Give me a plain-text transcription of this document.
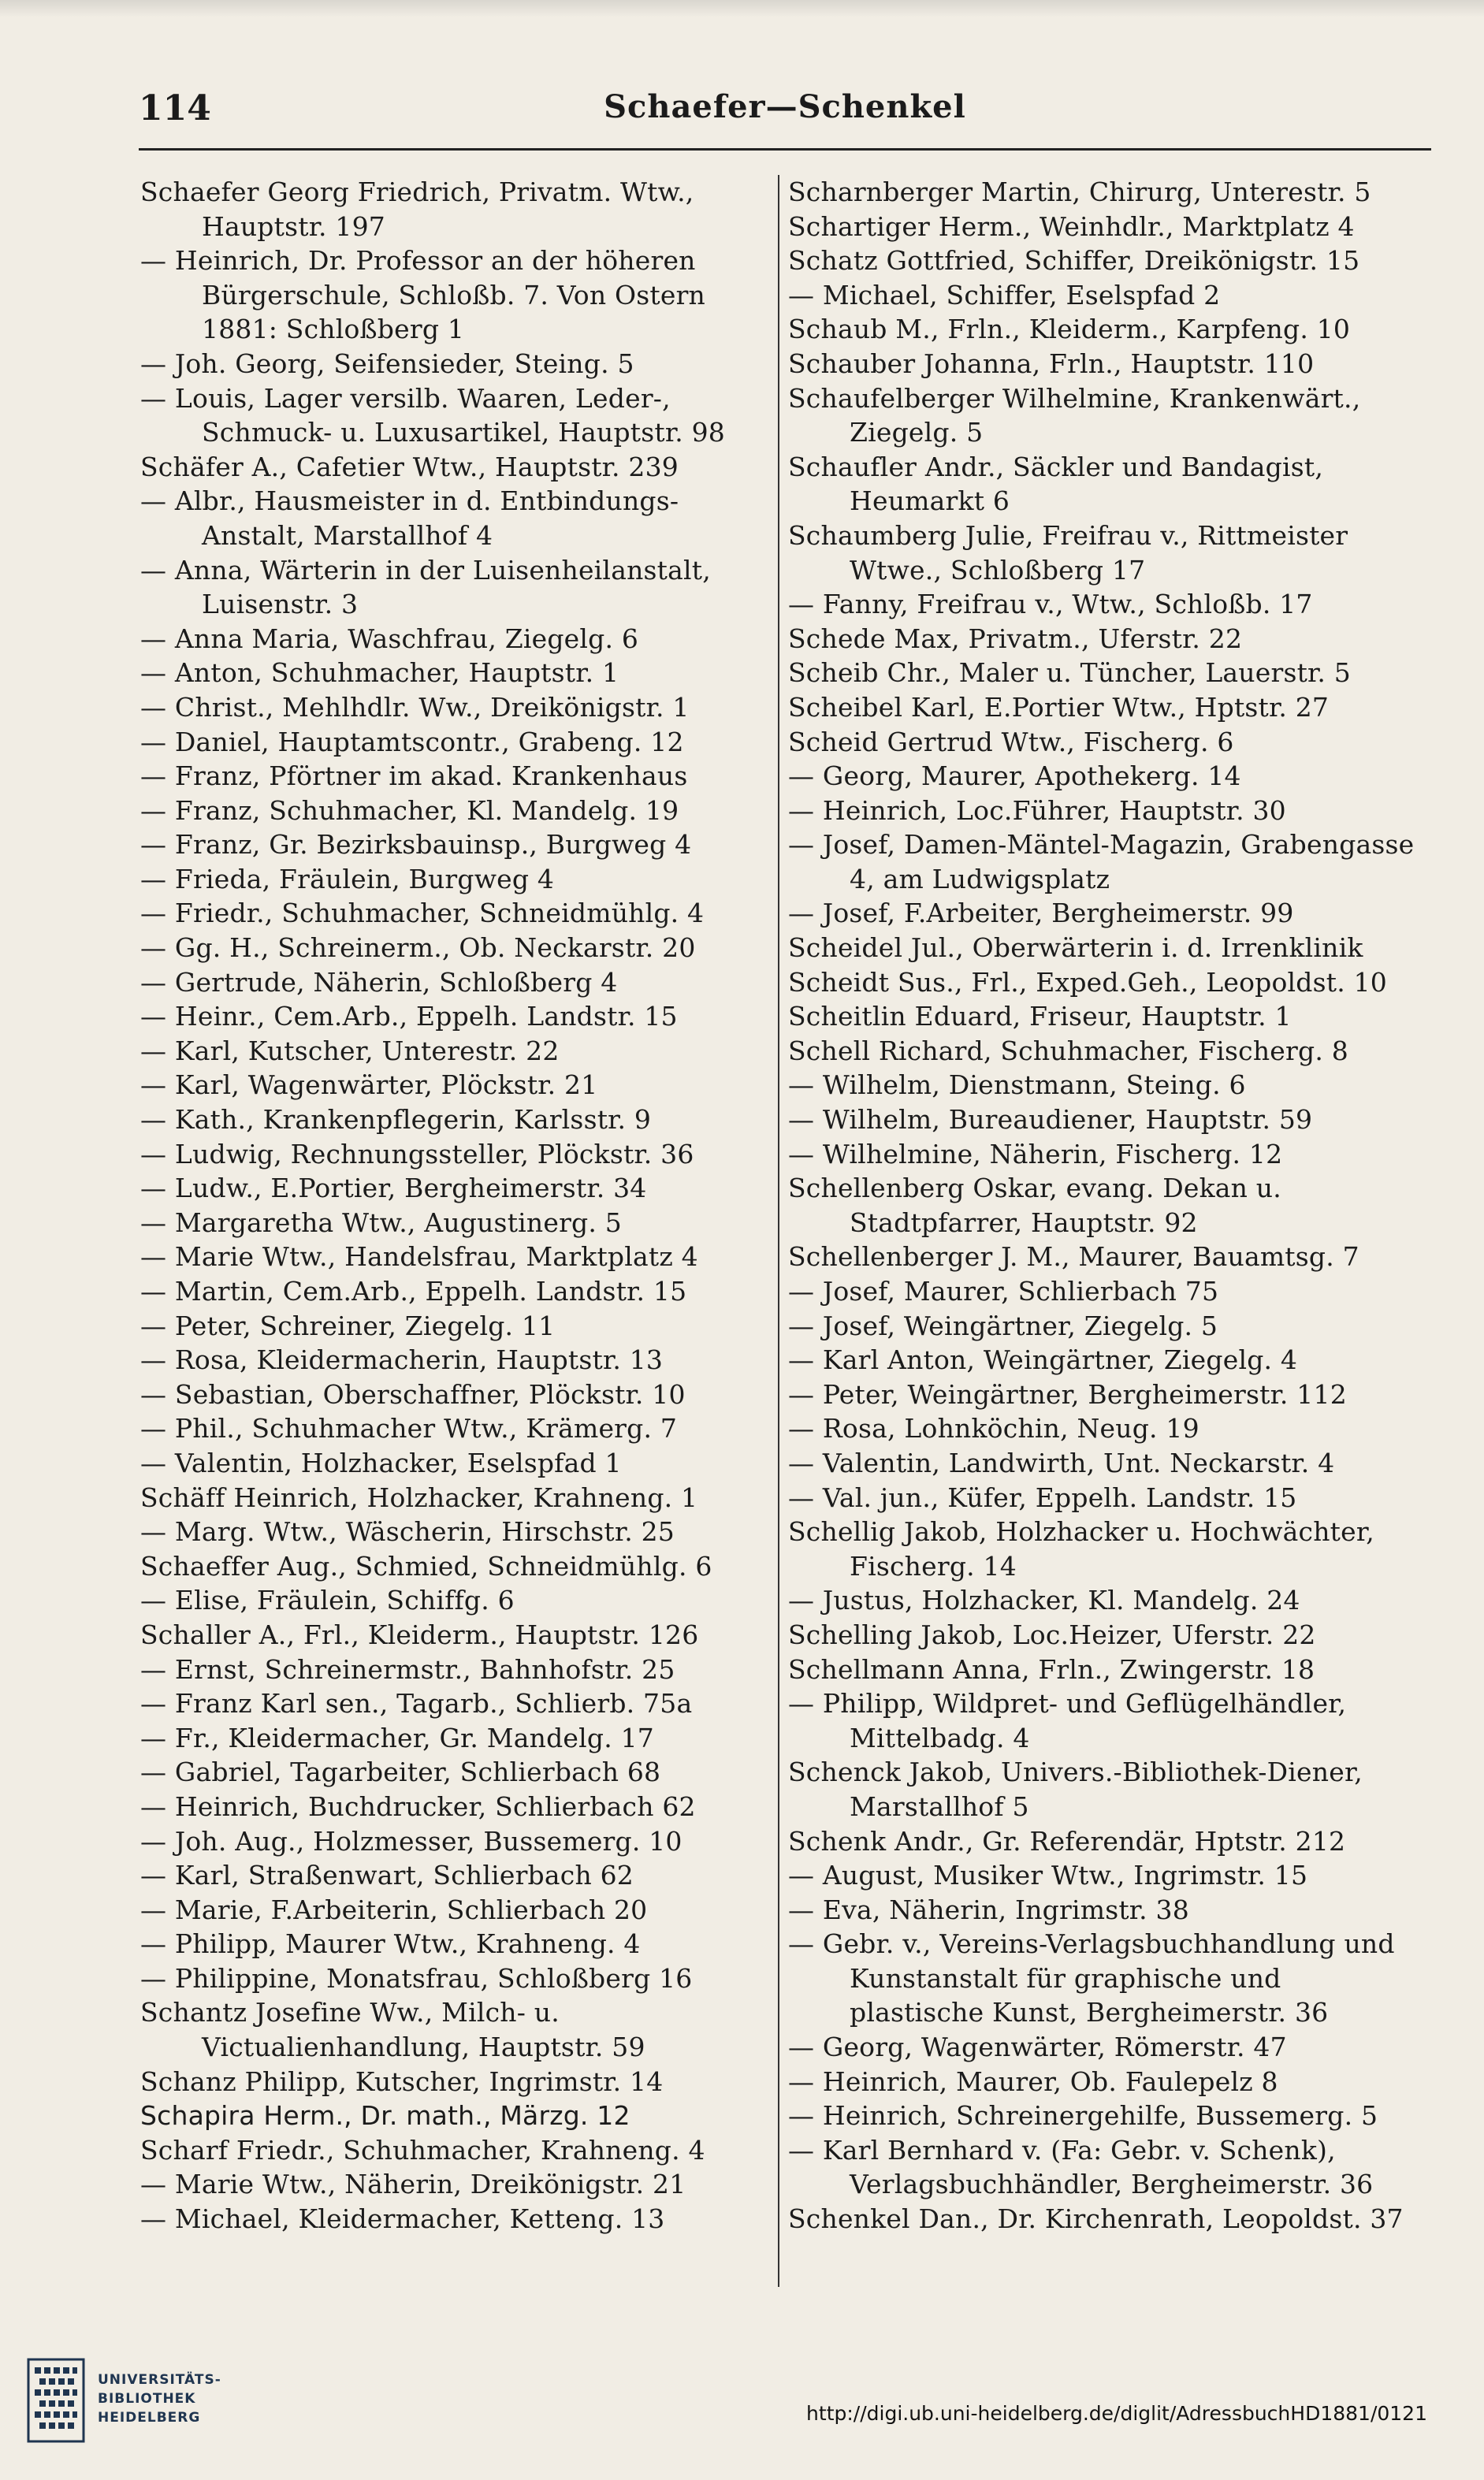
114	Schaefer—Schenkel
Schaefer Georg Friedrich, Privatm. Wtw., Hauptstr. 197
— Heinrich, Dr. Professor an der höheren Bürgerschule, Schloßb. 7. Von Ostern 1881: Schloßberg 1
— Joh. Georg, Seifensieder, Steing. 5
— Louis, Lager versilb. Waaren, Leder-, Schmuck- u. Luxusartikel, Hauptstr. 98
Schäfer A., Cafetier Wtw., Hauptstr. 239
— Albr., Hausmeister in d. Entbindungs-Anstalt, Marstallhof 4
— Anna, Wärterin in der Luisenheilanstalt, Luisenstr. 3
— Anna Maria, Waschfrau, Ziegelg. 6
— Anton, Schuhmacher, Hauptstr. 1
— Christ., Mehlhdlr. Ww., Dreikönigstr. 1
— Daniel, Hauptamtscontr., Grabeng. 12
— Franz, Pförtner im akad. Krankenhaus
— Franz, Schuhmacher, Kl. Mandelg. 19
— Franz, Gr. Bezirksbauinsp., Burgweg 4
— Frieda, Fräulein, Burgweg 4
— Friedr., Schuhmacher, Schneidmühlg. 4
— Gg. H., Schreinerm., Ob. Neckarstr. 20
— Gertrude, Näherin, Schloßberg 4
— Heinr., Cem.Arb., Eppelh. Landstr. 15
— Karl, Kutscher, Unterestr. 22
— Karl, Wagenwärter, Plöckstr. 21
— Kath., Krankenpflegerin, Karlsstr. 9
— Ludwig, Rechnungssteller, Plöckstr. 36
— Ludw., E.Portier, Bergheimerstr. 34
— Margaretha Wtw., Augustinerg. 5
— Marie Wtw., Handelsfrau, Marktplatz 4
— Martin, Cem.Arb., Eppelh. Landstr. 15
— Peter, Schreiner, Ziegelg. 11
— Rosa, Kleidermacherin, Hauptstr. 13
— Sebastian, Oberschaffner, Plöckstr. 10
— Phil., Schuhmacher Wtw., Krämerg. 7
— Valentin, Holzhacker, Eselspfad 1
Schäff Heinrich, Holzhacker, Krahneng. 1
— Marg. Wtw., Wäscherin, Hirschstr. 25
Schaeffer Aug., Schmied, Schneidmühlg. 6
— Elise, Fräulein, Schiffg. 6
Schaller A., Frl., Kleiderm., Hauptstr. 126
— Ernst, Schreinermstr., Bahnhofstr. 25
— Franz Karl sen., Tagarb., Schlierb. 75a
— Fr., Kleidermacher, Gr. Mandelg. 17
— Gabriel, Tagarbeiter, Schlierbach 68
— Heinrich, Buchdrucker, Schlierbach 62
— Joh. Aug., Holzmesser, Bussemerg. 10
— Karl, Straßenwart, Schlierbach 62
— Marie, F.Arbeiterin, Schlierbach 20
— Philipp, Maurer Wtw., Krahneng. 4
— Philippine, Monatsfrau, Schloßberg 16
Schantz Josefine Ww., Milch- u. Victualienhandlung, Hauptstr. 59
Schanz Philipp, Kutscher, Ingrimstr. 14
Schapira Herm., Dr. math., Märzg. 12
Scharf Friedr., Schuhmacher, Krahneng. 4
— Marie Wtw., Näherin, Dreikönigstr. 21
— Michael, Kleidermacher, Ketteng. 13
Scharnberger Martin, Chirurg, Unterestr. 5
Schartiger Herm., Weinhdlr., Marktplatz 4
Schatz Gottfried, Schiffer, Dreikönigstr. 15
— Michael, Schiffer, Eselspfad 2
Schaub M., Frln., Kleiderm., Karpfeng. 10
Schauber Johanna, Frln., Hauptstr. 110
Schaufelberger Wilhelmine, Krankenwärt., Ziegelg. 5
Schaufler Andr., Säckler und Bandagist, Heumarkt 6
Schaumberg Julie, Freifrau v., Rittmeister Wtwe., Schloßberg 17
— Fanny, Freifrau v., Wtw., Schloßb. 17
Schede Max, Privatm., Uferstr. 22
Scheib Chr., Maler u. Tüncher, Lauerstr. 5
Scheibel Karl, E.Portier Wtw., Hptstr. 27
Scheid Gertrud Wtw., Fischerg. 6
— Georg, Maurer, Apothekerg. 14
— Heinrich, Loc.Führer, Hauptstr. 30
— Josef, Damen-Mäntel-Magazin, Grabengasse 4, am Ludwigsplatz
— Josef, F.Arbeiter, Bergheimerstr. 99
Scheidel Jul., Oberwärterin i. d. Irrenklinik
Scheidt Sus., Frl., Exped.Geh., Leopoldst. 10
Scheitlin Eduard, Friseur, Hauptstr. 1
Schell Richard, Schuhmacher, Fischerg. 8
— Wilhelm, Dienstmann, Steing. 6
— Wilhelm, Bureaudiener, Hauptstr. 59
— Wilhelmine, Näherin, Fischerg. 12
Schellenberg Oskar, evang. Dekan u. Stadtpfarrer, Hauptstr. 92
Schellenberger J. M., Maurer, Bauamtsg. 7
— Josef, Maurer, Schlierbach 75
— Josef, Weingärtner, Ziegelg. 5
— Karl Anton, Weingärtner, Ziegelg. 4
— Peter, Weingärtner, Bergheimerstr. 112
— Rosa, Lohnköchin, Neug. 19
— Valentin, Landwirth, Unt. Neckarstr. 4
— Val. jun., Küfer, Eppelh. Landstr. 15
Schellig Jakob, Holzhacker u. Hochwächter, Fischerg. 14
— Justus, Holzhacker, Kl. Mandelg. 24
Schelling Jakob, Loc.Heizer, Uferstr. 22
Schellmann Anna, Frln., Zwingerstr. 18
— Philipp, Wildpret- und Geflügelhändler, Mittelbadg. 4
Schenck Jakob, Univers.-Bibliothek-Diener, Marstallhof 5
Schenk Andr., Gr. Referendär, Hptstr. 212
— August, Musiker Wtw., Ingrimstr. 15
— Eva, Näherin, Ingrimstr. 38
— Gebr. v., Vereins-Verlagsbuchhandlung und Kunstanstalt für graphische und plastische Kunst, Bergheimerstr. 36
— Georg, Wagenwärter, Römerstr. 47
— Heinrich, Maurer, Ob. Faulepelz 8
— Heinrich, Schreinergehilfe, Bussemerg. 5
— Karl Bernhard v. (Fa: Gebr. v. Schenk), Verlagsbuchhändler, Bergheimerstr. 36
Schenkel Dan., Dr. Kirchenrath, Leopoldst. 37
UNIVERSITÄTS-
BIBLIOTHEK
HEIDELBERG	http://digi.ub.uni-heidelberg.de/diglit/AdressbuchHD1881/0121
